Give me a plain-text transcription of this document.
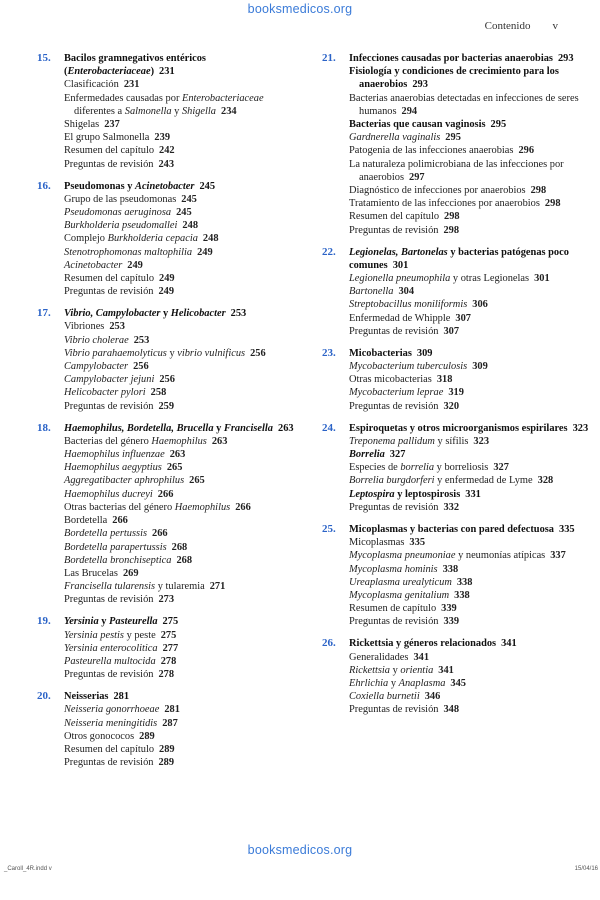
booksmedicos.org
Contenido v
15. Bacilos gramnegativos entéricos (Enterobacteriaceae) 231
Clasificación 231
Enfermedades causadas por Enterobacteriaceae diferentes a Salmonella y Shigella 234
Shigelas 237
El grupo Salmonella 239
Resumen del capítulo 242
Preguntas de revisión 243
16. Pseudomonas y Acinetobacter 245
Grupo de las pseudomonas 245
Pseudomonas aeruginosa 245
Burkholderia pseudomallei 248
Complejo Burkholderia cepacia 248
Stenotrophomonas maltophilia 249
Acinetobacter 249
Resumen del capítulo 249
Preguntas de revisión 249
17. Vibrio, Campylobacter y Helicobacter 253
Vibriones 253
Vibrio cholerae 253
Vibrio parahaemolyticus y vibrio vulnificus 256
Campylobacter 256
Campylobacter jejuni 256
Helicobacter pylori 258
Preguntas de revisión 259
18. Haemophilus, Bordetella, Brucella y Francisella 263
Bacterias del género Haemophilus 263
Haemophilus influenzae 263
Haemophilus aegyptius 265
Aggregatibacter aphrophilus 265
Haemophilus ducreyi 266
Otras bacterias del género Haemophilus 266
Bordetella 266
Bordetella pertussis 266
Bordetella parapertussis 268
Bordetella bronchiseptica 268
Las Brucelas 269
Francisella tularensis y tularemia 271
Preguntas de revisión 273
19. Yersinia y Pasteurella 275
Yersinia pestis y peste 275
Yersinia enterocolitica 277
Pasteurella multocida 278
Preguntas de revisión 278
20. Neisserias 281
Neisseria gonorrhoeae 281
Neisseria meningitidis 287
Otros gonococos 289
Resumen del capítulo 289
Preguntas de revisión 289
21. Infecciones causadas por bacterias anaerobias 293
Fisiología y condiciones de crecimiento para los anaerobios 293
Bacterias anaerobias detectadas en infecciones de seres humanos 294
Bacterias que causan vaginosis 295
Gardnerella vaginalis 295
Patogenia de las infecciones anaerobias 296
La naturaleza polimicrobiana de las infecciones por anaerobios 297
Diagnóstico de infecciones por anaerobios 298
Tratamiento de las infecciones por anaerobios 298
Resumen del capítulo 298
Preguntas de revisión 298
22. Legionelas, Bartonelas y bacterias patógenas poco comunes 301
Legionella pneumophila y otras Legionelas 301
Bartonella 304
Streptobacillus moniliformis 306
Enfermedad de Whipple 307
Preguntas de revisión 307
23. Micobacterias 309
Mycobacterium tuberculosis 309
Otras micobacterias 318
Mycobacterium leprae 319
Preguntas de revisión 320
24. Espiroquetas y otros microorganismos espirilares 323
Treponema pallidum y sífilis 323
Borrelia 327
Especies de borrelia y borreliosis 327
Borrelia burgdorferi y enfermedad de Lyme 328
Leptospira y leptospirosis 331
Preguntas de revisión 332
25. Micoplasmas y bacterias con pared defectuosa 335
Micoplasmas 335
Mycoplasma pneumoniae y neumonías atípicas 337
Mycoplasma hominis 338
Ureaplasma urealyticum 338
Mycoplasma genitalium 338
Resumen de capítulo 339
Preguntas de revisión 339
26. Rickettsia y géneros relacionados 341
Generalidades 341
Rickettsia y orientia 341
Ehrlichia y Anaplasma 345
Coxiella burnetii 346
Preguntas de revisión 348
booksmedicos.org
_Caroll_4R.indd v	15/04/16
